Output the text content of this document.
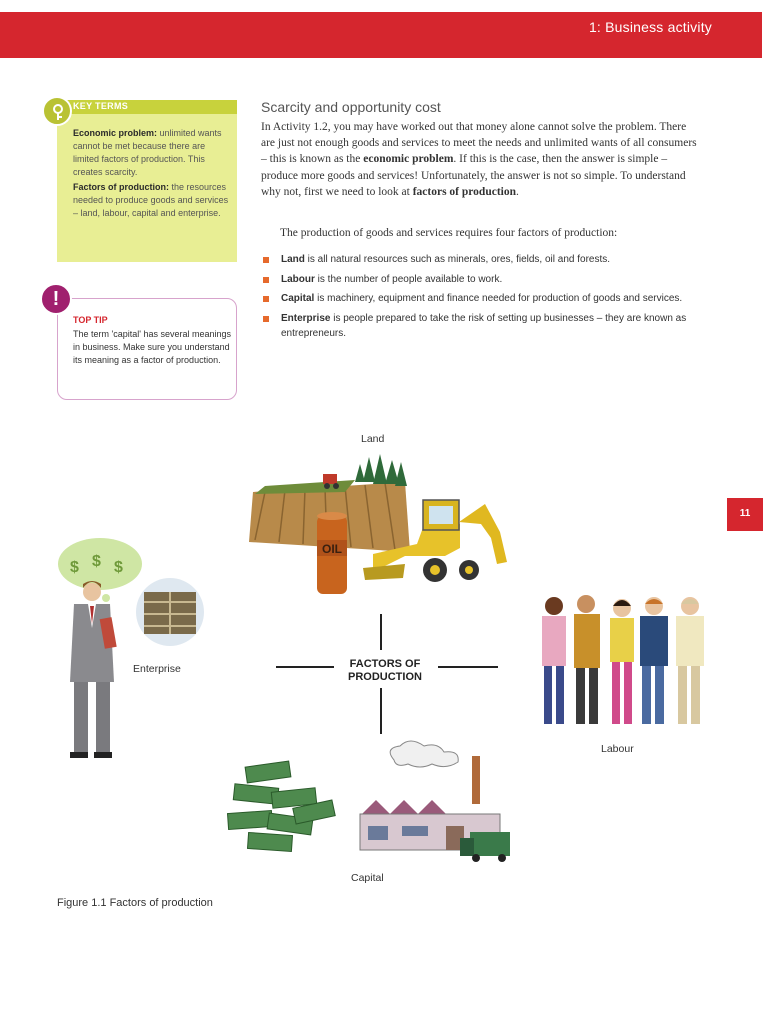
1: Business activity
KEY TERMS

Economic problem: unlimited wants cannot be met because there are limited factors of production. This creates scarcity.

Factors of production: the resources needed to produce goods and services – land, labour, capital and enterprise.

TOP TIP
The term 'capital' has several meanings in business. Make sure you understand its meaning as a factor of production.
!
Scarcity and opportunity cost
In Activity 1.2, you may have worked out that money alone cannot solve the problem. There are just not enough goods and services to meet the needs and unlimited wants of all consumers – this is known as the economic problem. If this is the case, then the answer is simple – produce more goods and services! Unfortunately, the answer is not so simple. To understand why not, first we need to look at factors of production.
The production of goods and services requires four factors of production:
Land is all natural resources such as minerals, ores, fields, oil and forests.
Labour is the number of people available to work.
Capital is machinery, equipment and finance needed for production of goods and services.
Enterprise is people prepared to take the risk of setting up businesses – they are known as entrepreneurs.
11
Land
OIL
$ $ $
Enterprise	FACTORS OF
PRODUCTION
Labour
Capital
Figure 1.1 Factors of production
